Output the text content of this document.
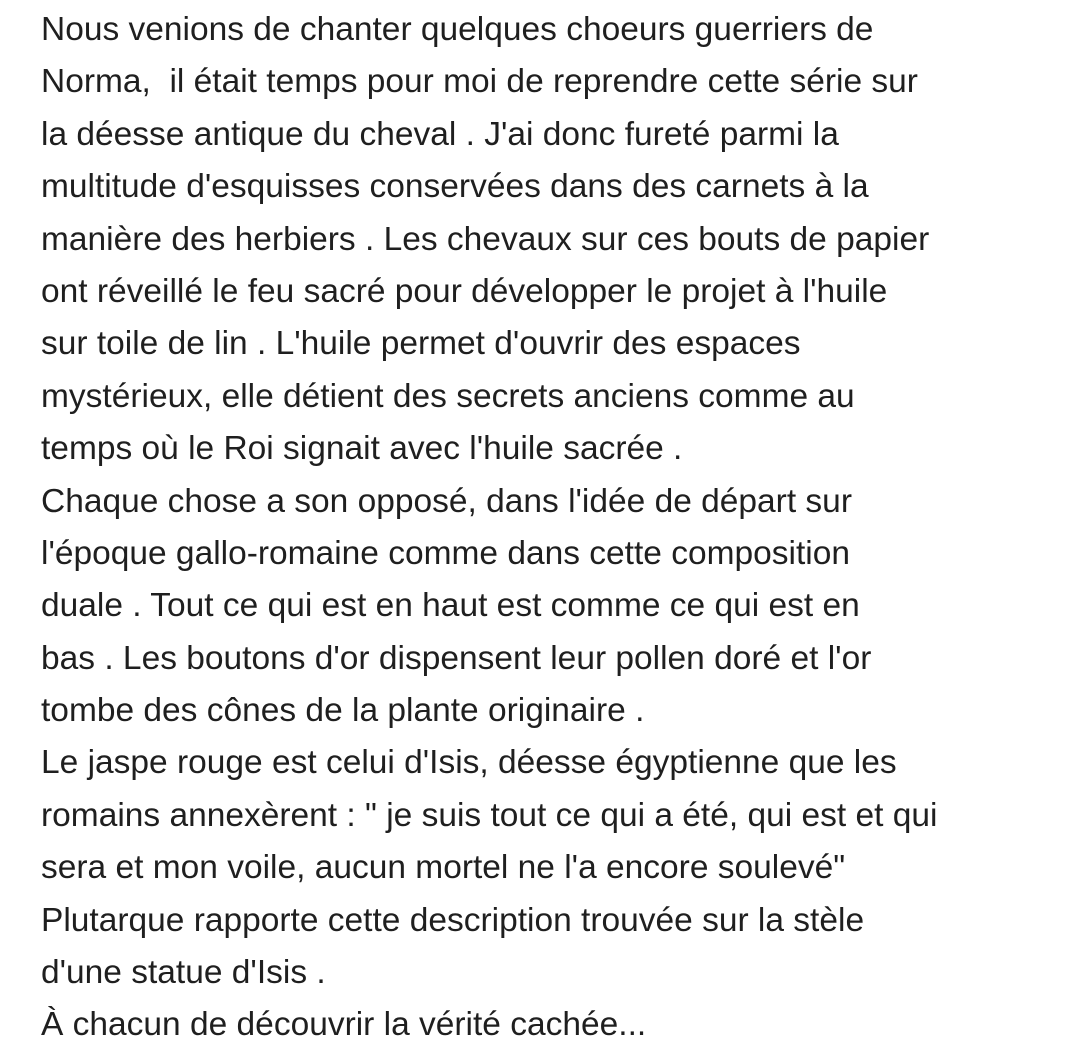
Nous venions de chanter quelques choeurs guerriers de
Norma,  il était temps pour moi de reprendre cette série sur
la déesse antique du cheval . J'ai donc fureté parmi la
multitude d'esquisses conservées dans des carnets à la
manière des herbiers . Les chevaux sur ces bouts de papier
ont réveillé le feu sacré pour développer le projet à l'huile
sur toile de lin . L'huile permet d'ouvrir des espaces
mystérieux, elle détient des secrets anciens comme au
temps où le Roi signait avec l'huile sacrée .
Chaque chose a son opposé, dans l'idée de départ sur
l'époque gallo-romaine comme dans cette composition
duale . Tout ce qui est en haut est comme ce qui est en
bas . Les boutons d'or dispensent leur pollen doré et l'or
tombe des cônes de la plante originaire .
Le jaspe rouge est celui d'Isis, déesse égyptienne que les
romains annexèrent : " je suis tout ce qui a été, qui est et qui
sera et mon voile, aucun mortel ne l'a encore soulevé"
Plutarque rapporte cette description trouvée sur la stèle
d'une statue d'Isis .
À chacun de découvrir la vérité cachée...
